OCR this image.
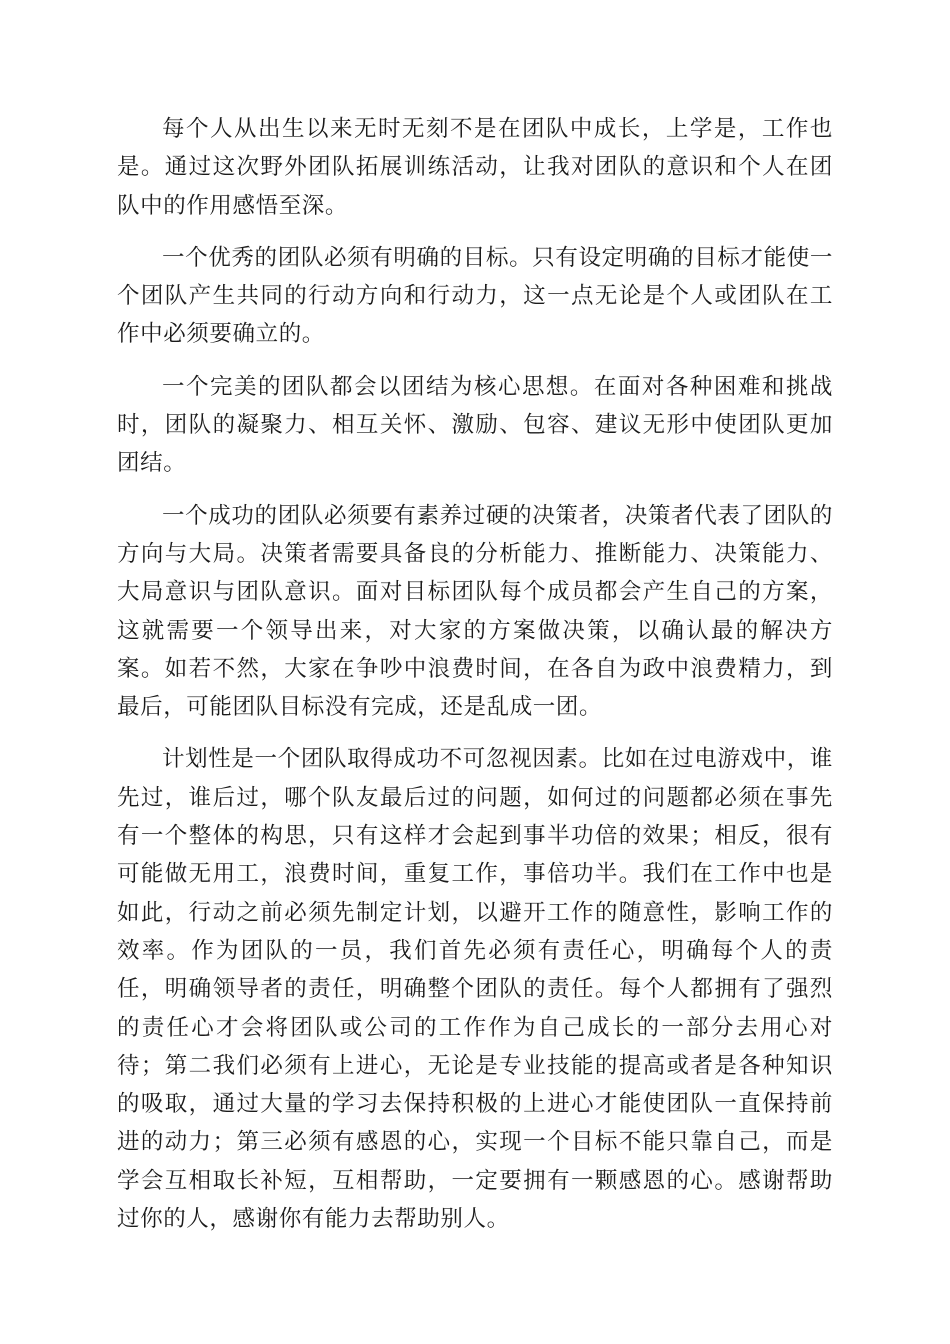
每个人从出生以来无时无刻不是在团队中成长，上学是，工作也是。通过这次野外团队拓展训练活动，让我对团队的意识和个人在团队中的作用感悟至深。

一个优秀的团队必须有明确的目标。只有设定明确的目标才能使一个团队产生共同的行动方向和行动力，这一点无论是个人或团队在工作中必须要确立的。

一个完美的团队都会以团结为核心思想。在面对各种困难和挑战时，团队的凝聚力、相互关怀、激励、包容、建议无形中使团队更加团结。

一个成功的团队必须要有素养过硬的决策者，决策者代表了团队的方向与大局。决策者需要具备良的分析能力、推断能力、决策能力、大局意识与团队意识。面对目标团队每个成员都会产生自己的方案，这就需要一个领导出来，对大家的方案做决策，以确认最的解决方案。如若不然，大家在争吵中浪费时间，在各自为政中浪费精力，到最后，可能团队目标没有完成，还是乱成一团。

计划性是一个团队取得成功不可忽视因素。比如在过电游戏中，谁先过，谁后过，哪个队友最后过的问题，如何过的问题都必须在事先有一个整体的构思，只有这样才会起到事半功倍的效果；相反，很有可能做无用工，浪费时间，重复工作，事倍功半。我们在工作中也是如此，行动之前必须先制定计划，以避开工作的随意性，影响工作的效率。作为团队的一员，我们首先必须有责任心，明确每个人的责任，明确领导者的责任，明确整个团队的责任。每个人都拥有了强烈的责任心才会将团队或公司的工作作为自己成长的一部分去用心对待；第二我们必须有上进心，无论是专业技能的提高或者是各种知识的吸取，通过大量的学习去保持积极的上进心才能使团队一直保持前进的动力；第三必须有感恩的心，实现一个目标不能只靠自己，而是学会互相取长补短，互相帮助，一定要拥有一颗感恩的心。感谢帮助过你的人，感谢你有能力去帮助别人。
